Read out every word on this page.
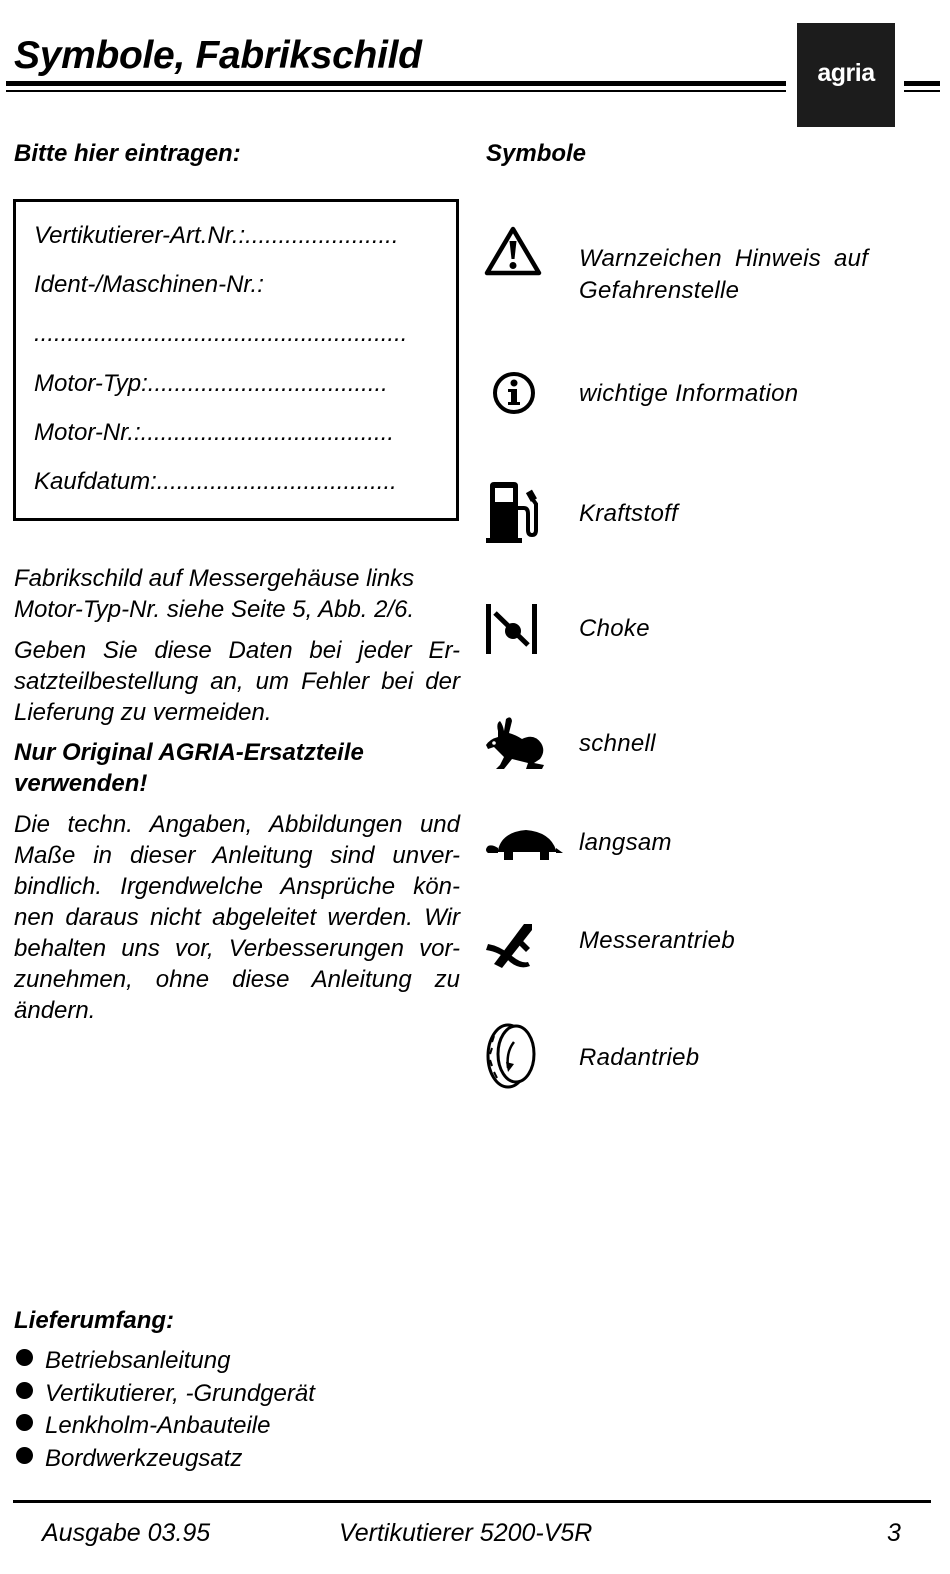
Symbole, Fabrikschild	agria
Bitte hier eintragen:
Vertikutierer-Art.Nr.:.......................
Ident-/Maschinen-Nr.:
........................................................
Motor-Typ:....................................
Motor-Nr.:......................................
Kaufdatum:....................................
Fabrikschild auf Messergehäuse links
Motor-Typ-Nr. siehe Seite 5, Abb. 2/6.
Geben Sie diese Daten bei jeder Er-
satzteilbestellung an, um Fehler bei der
Lieferung zu vermeiden.
Nur Original AGRIA-Ersatzteile
verwenden!
Die techn. Angaben, Abbildungen und
Maße in dieser Anleitung sind unver-
bindlich. Irgendwelche Ansprüche kön-
nen daraus nicht abgeleitet werden. Wir
behalten uns vor, Verbesserungen vor-
zunehmen, ohne diese Anleitung zu
ändern.
Symbole
Warnzeichen Hinweis auf
Gefahrenstelle
wichtige Information
Kraftstoff
Choke
schnell
langsam
Messerantrieb
Radantrieb
Lieferumfang:
Betriebsanleitung
Vertikutierer, -Grundgerät
Lenkholm-Anbauteile
Bordwerkzeugsatz
Ausgabe 03.95	Vertikutierer 5200-V5R	3
